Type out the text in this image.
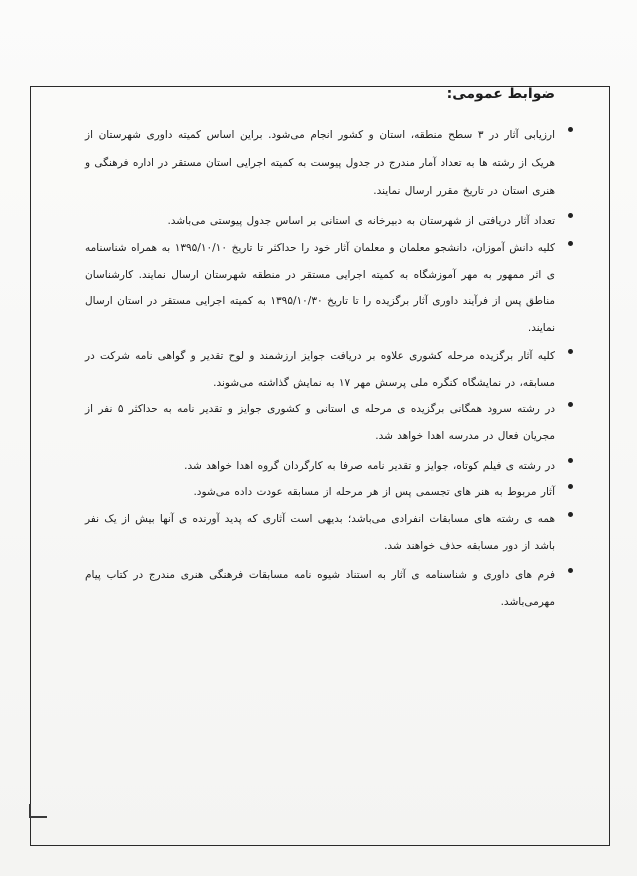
ضوابط عمومی:
ارزیابی آثار در ۳ سطح منطقه، استان و کشور انجام می‌شود. براین اساس کمیته داوری شهرستان از هریک از رشته ها به تعداد آمار مندرج در جدول پیوست به کمیته اجرایی استان مستقر در اداره فرهنگی و هنری استان در تاریخ مقرر ارسال نمایند.
تعداد آثار دریافتی از شهرستان به دبیرخانه ی استانی بر اساس جدول پیوستی می‌باشد.
کلیه دانش آموزان، دانشجو معلمان و معلمان آثار خود را حداکثر تا تاریخ ۱۳۹۵/۱۰/۱۰ به همراه شناسنامه ی اثر ممهور به مهر آموزشگاه به کمیته اجرایی مستقر در منطقه شهرستان ارسال نمایند. کارشناسان مناطق پس از فرآیند داوری آثار برگزیده را تا تاریخ ۱۳۹۵/۱۰/۳۰ به کمیته اجرایی مستقر در استان ارسال نمایند.
کلیه آثار برگزیده مرحله کشوری علاوه بر دریافت جوایز ارزشمند و لوح تقدیر و گواهی نامه شرکت در مسابقه، در نمایشگاه کنگره ملی پرسش مهر ۱۷ به نمایش گذاشته می‌شوند.
در رشته سرود همگانی برگزیده ی مرحله ی استانی و کشوری جوایز و تقدیر نامه به حداکثر ۵ نفر از مجریان فعال در مدرسه اهدا خواهد شد.
در رشته ی فیلم کوتاه، جوایز و تقدیر نامه صرفا به کارگردان گروه اهدا خواهد شد.
آثار مربوط به هنر های تجسمی پس از هر مرحله از مسابقه عودت داده می‌شود.
همه ی رشته های مسابقات انفرادی می‌باشد؛ بدیهی است آثاری که پدید آورنده ی آنها بیش از یک نفر باشد از دور مسابقه حذف خواهند شد.
فرم های داوری و شناسنامه ی آثار به استناد شیوه نامه مسابقات فرهنگی هنری مندرج در کتاب پیام مهرمی‌باشد.
